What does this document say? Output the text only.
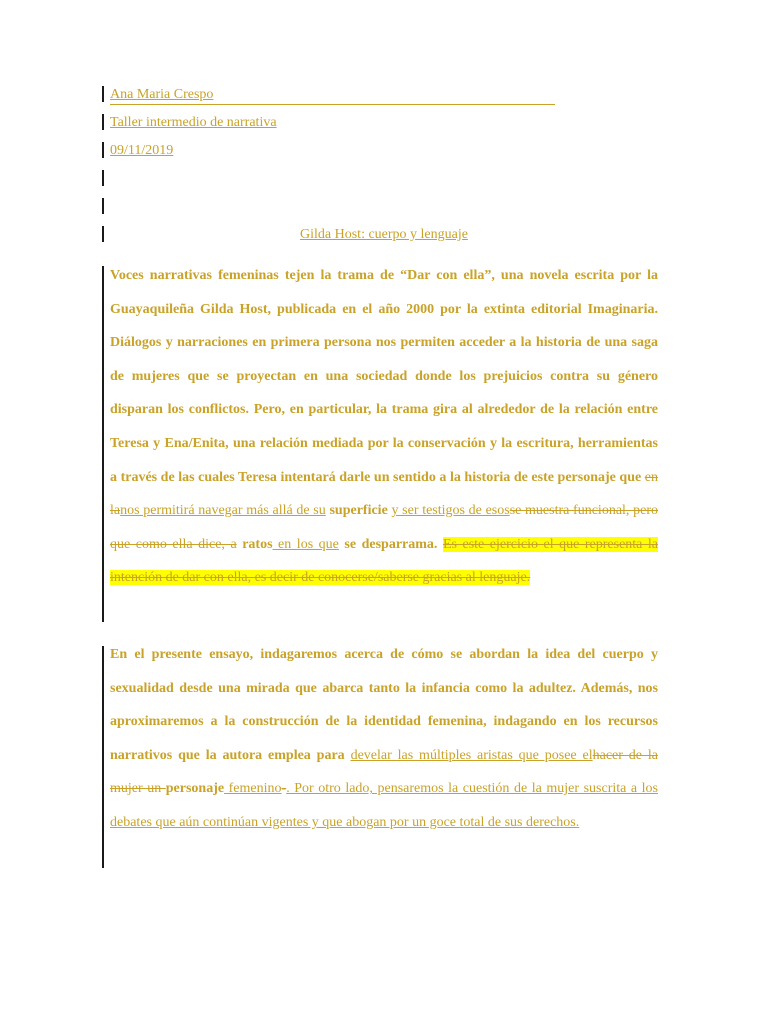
Ana Maria Crespo
Taller intermedio de narrativa
09/11/2019
Gilda Host: cuerpo y lenguaje
Voces narrativas femeninas tejen la trama de “Dar con ella”, una novela escrita por la Guayaquileña Gilda Host, publicada en el año 2000 por la extinta editorial Imaginaria. Diálogos y narraciones en primera persona nos permiten acceder a la historia de una saga de mujeres que se proyectan en una sociedad donde los prejuicios contra su género disparan los conflictos. Pero, en particular, la trama gira al alrededor de la relación entre Teresa y Ena/Enita, una relación mediada por la conservación y la escritura, herramientas a través de las cuales Teresa intentará darle un sentido a la historia de este personaje que en lanos permitirá navegar más allá de su superficie y ser testigos de esosse muestra funcional, pero que como ella dice, a ratos en los que se desparrama. Es este ejercicio el que representa la intención de dar con ella, es decir de conocerse/saberse gracias al lenguaje.
En el presente ensayo, indagaremos acerca de cómo se abordan la idea del cuerpo y sexualidad desde una mirada que abarca tanto la infancia como la adultez. Además, nos aproximaremos a la construcción de la identidad femenina, indagando en los recursos narrativos que la autora emplea para develar las múltiples aristas que posee elhacer de la mujer un personaje femenino-. Por otro lado, pensaremos la cuestión de la mujer suscrita a los debates que aún continúan vigentes y que abogan por un goce total de sus derechos.
